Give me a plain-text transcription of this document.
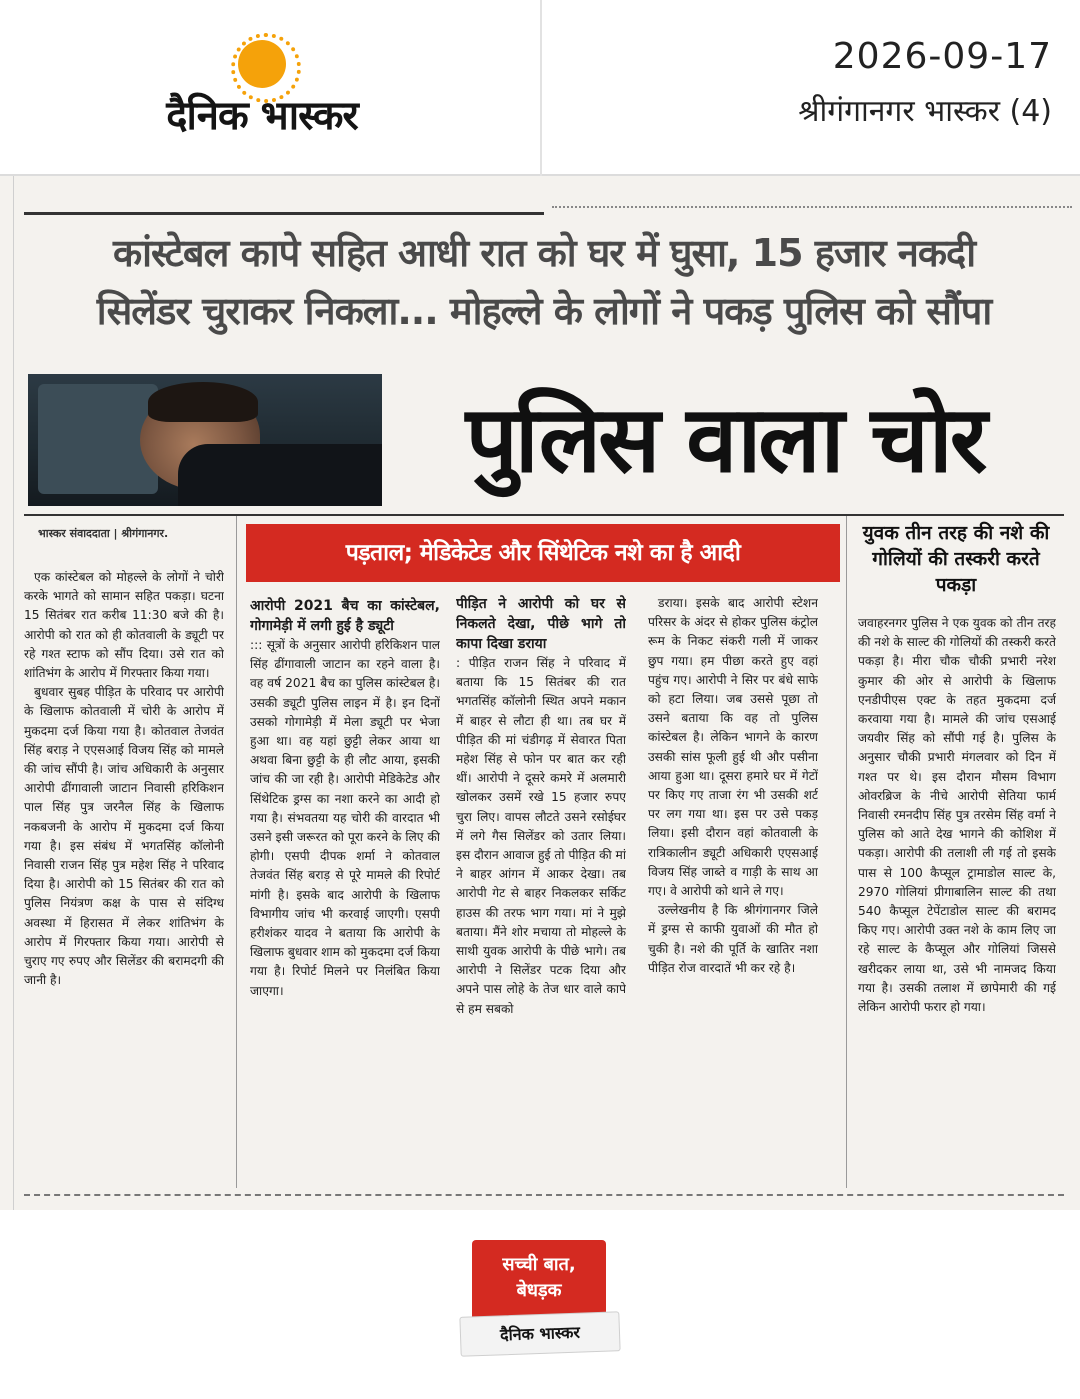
दैनिक भास्कर
2026-09-17
श्रीगंगानगर भास्कर (4)
कांस्टेबल कापे सहित आधी रात को घर में घुसा, 15 हजार नकदी
सिलेंडर चुराकर निकला... मोहल्ले के लोगों ने पकड़ पुलिस को सौंपा
पुलिस वाला चोर
भास्कर संवाददाता | श्रीगंगानगर.

एक कांस्टेबल को मोहल्ले के लोगों ने चोरी करके भागते को सामान सहित पकड़ा। घटना 15 सितंबर रात करीब 11:30 बजे की है। आरोपी को रात को ही कोतवाली के ड्यूटी पर रहे गश्त स्टाफ को सौंप दिया। उसे रात को शांतिभंग के आरोप में गिरफ्तार किया गया।

बुधवार सुबह पीड़ित के परिवाद पर आरोपी के खिलाफ कोतवाली में चोरी के आरोप में मुकदमा दर्ज किया गया है। कोतवाल तेजवंत सिंह बराड़ ने एएसआई विजय सिंह को मामले की जांच सौंपी है। जांच अधिकारी के अनुसार आरोपी ढींगावाली जाटान निवासी हरिकिशन पाल सिंह पुत्र जरनैल सिंह के खिलाफ नकबजनी के आरोप में मुकदमा दर्ज किया गया है। इस संबंध में भगतसिंह कॉलोनी निवासी राजन सिंह पुत्र महेश सिंह ने परिवाद दिया है। आरोपी को 15 सितंबर की रात को पुलिस नियंत्रण कक्ष के पास से संदिग्ध अवस्था में हिरासत में लेकर शांतिभंग के आरोप में गिरफ्तार किया गया। आरोपी से चुराए गए रुपए और सिलेंडर की बरामदगी की जानी है।

पड़ताल; मेडिकेटेड और सिंथेटिक नशे का है आदी
आरोपी 2021 बैच का कांस्टेबल, गोगामेड़ी में लगी हुई है ड्यूटी
::: सूत्रों के अनुसार आरोपी हरिकिशन पाल सिंह ढींगावाली जाटान का रहने वाला है। वह वर्ष 2021 बैच का पुलिस कांस्टेबल है। उसकी ड्यूटी पुलिस लाइन में है। इन दिनों उसको गोगामेड़ी में मेला ड्यूटी पर भेजा हुआ था। वह यहां छुट्टी लेकर आया था अथवा बिना छुट्टी के ही लौट आया, इसकी जांच की जा रही है। आरोपी मेडिकेटेड और सिंथेटिक ड्रग्स का नशा करने का आदी हो गया है। संभवतया यह चोरी की वारदात भी उसने इसी जरूरत को पूरा करने के लिए की होगी। एसपी दीपक शर्मा ने कोतवाल तेजवंत सिंह बराड़ से पूरे मामले की रिपोर्ट मांगी है। इसके बाद आरोपी के खिलाफ विभागीय जांच भी करवाई जाएगी। एसपी हरीशंकर यादव ने बताया कि आरोपी के खिलाफ बुधवार शाम को मुकदमा दर्ज किया गया है। रिपोर्ट मिलने पर निलंबित किया जाएगा।
पीड़ित ने आरोपी को घर से निकलते देखा, पीछे भागे तो कापा दिखा डराया
: पीड़ित राजन सिंह ने परिवाद में बताया कि 15 सितंबर की रात भगतसिंह कॉलोनी स्थित अपने मकान में बाहर से लौटा ही था। तब घर में पीड़ित की मां चंडीगढ़ में सेवारत पिता महेश सिंह से फोन पर बात कर रही थीं। आरोपी ने दूसरे कमरे में अलमारी खोलकर उसमें रखे 15 हजार रुपए चुरा लिए। वापस लौटते उसने रसोईघर में लगे गैस सिलेंडर को उतार लिया। इस दौरान आवाज हुई तो पीड़ित की मां ने बाहर आंगन में आकर देखा। तब आरोपी गेट से बाहर निकलकर सर्किट हाउस की तरफ भाग गया। मां ने मुझे बताया। मैंने शोर मचाया तो मोहल्ले के साथी युवक आरोपी के पीछे भागे। तब आरोपी ने सिलेंडर पटक दिया और अपने पास लोहे के तेज धार वाले कापे से हम सबको

डराया। इसके बाद आरोपी स्टेशन परिसर के अंदर से होकर पुलिस कंट्रोल रूम के निकट संकरी गली में जाकर छुप गया। हम पीछा करते हुए वहां पहुंच गए। आरोपी ने सिर पर बंधे साफे को हटा लिया। जब उससे पूछा तो उसने बताया कि वह तो पुलिस कांस्टेबल है। लेकिन भागने के कारण उसकी सांस फूली हुई थी और पसीना आया हुआ था। दूसरा हमारे घर में गेटों पर किए गए ताजा रंग भी उसकी शर्ट पर लग गया था। इस पर उसे पकड़ लिया। इसी दौरान वहां कोतवाली के रात्रिकालीन ड्यूटी अधिकारी एएसआई विजय सिंह जाब्ते व गाड़ी के साथ आ गए। वे आरोपी को थाने ले गए।

उल्लेखनीय है कि श्रीगंगानगर जिले में ड्रग्स से काफी युवाओं की मौत हो चुकी है। नशे की पूर्ति के खातिर नशा पीड़ित रोज वारदातें भी कर रहे है।

युवक तीन तरह की नशे की गोलियों की तस्करी करते पकड़ा
जवाहरनगर पुलिस ने एक युवक को तीन तरह की नशे के साल्ट की गोलियों की तस्करी करते पकड़ा है। मीरा चौक चौकी प्रभारी नरेश कुमार की ओर से आरोपी के खिलाफ एनडीपीएस एक्ट के तहत मुकदमा दर्ज करवाया गया है। मामले की जांच एसआई जयवीर सिंह को सौंपी गई है। पुलिस के अनुसार चौकी प्रभारी मंगलवार को दिन में गश्त पर थे। इस दौरान मौसम विभाग ओवरब्रिज के नीचे आरोपी सेतिया फार्म निवासी रमनदीप सिंह पुत्र तरसेम सिंह वर्मा ने पुलिस को आते देख भागने की कोशिश में पकड़ा। आरोपी की तलाशी ली गई तो इसके पास से 100 कैप्सूल ट्रामाडोल साल्ट के, 2970 गोलियां प्रीगाबालिन साल्ट की तथा 540 कैप्सूल टेपेंटाडोल साल्ट की बरामद किए गए। आरोपी उक्त नशे के काम लिए जा रहे साल्ट के कैप्सूल और गोलियां जिससे खरीदकर लाया था, उसे भी नामजद किया गया है। उसकी तलाश में छापेमारी की गई लेकिन आरोपी फरार हो गया।
सच्ची बात,
बेधड़क
दैनिक भास्कर
